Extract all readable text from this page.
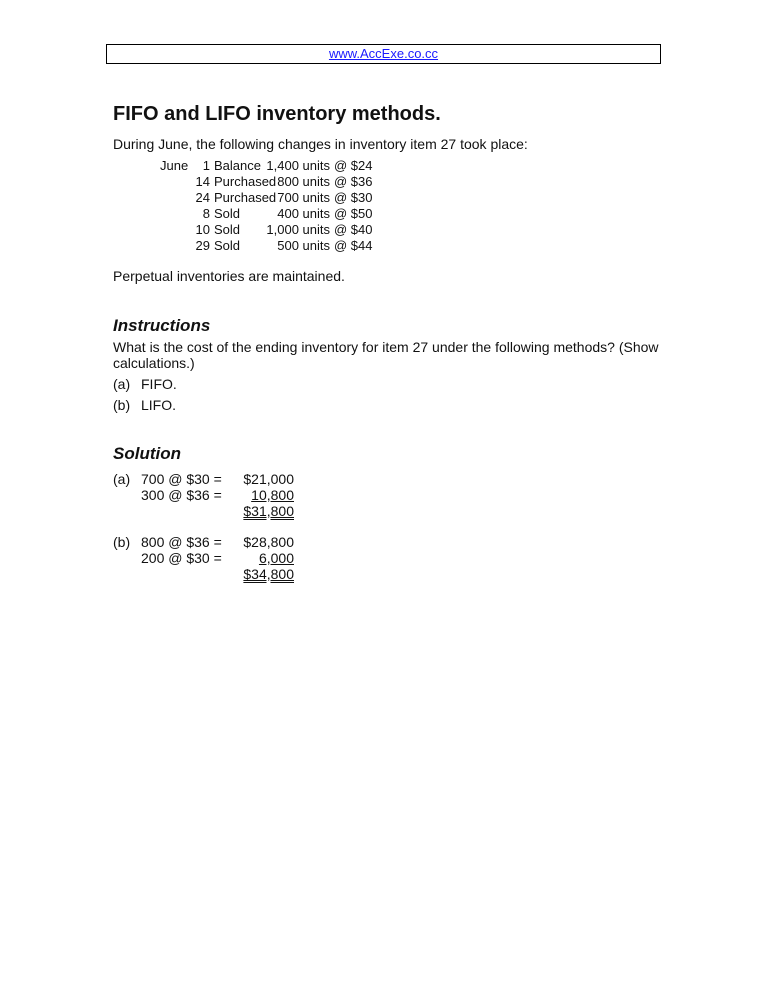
www.AccExe.co.cc
FIFO and LIFO inventory methods.
During June, the following changes in inventory item 27 took place:
June	1 Balance 1,400 units @ $24
14 Purchased 800 units @ $36
24 Purchased 700 units @ $30
8 Sold	400 units @ $50
10 Sold	1,000 units @ $40
29 Sold	500 units @ $44
Perpetual inventories are maintained.
Instructions
What is the cost of the ending inventory for item 27 under the following methods? (Show
calculations.)
(a) FIFO.
(b) LIFO.
Solution
(a) 700 @ $30 =	$21,000
300 @ $36 =	10,800
$31,800
(b) 800 @ $36 =	$28,800
200 @ $30 =	6,000
$34,800
